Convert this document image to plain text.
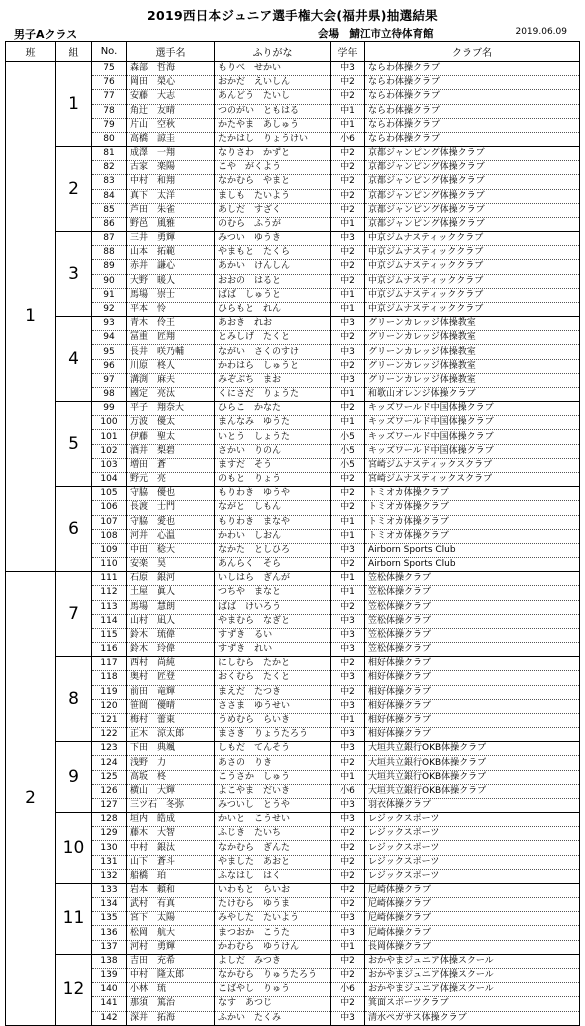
2019西日本ジュニア選手権大会(福井県)抽選結果
男子Aクラス	会場　鯖江市立待体育館	2019.06.09
班	組	No.	選手名	ふりがな	学年	クラブ名
1	1	75	森部　哲海	もりべ　せかい	中3	ならわ体操クラブ
		76	岡田　榮心	おかだ　えいしん	中2	ならわ体操クラブ
		77	安藤　大志	あんどう　たいし	中2	ならわ体操クラブ
		78	角辻　友晴	つのがい　ともはる	中1	ならわ体操クラブ
		79	片山　空秋	かたやま　あしゅう	中1	ならわ体操クラブ
		80	高橋　諒圭	たかはし　りょうけい	小6	ならわ体操クラブ
	2	81	成澤　一翔	なりさわ　かずと	中2	京都ジャンピング体操クラブ
		82	古家　楽陽	こや　がくよう	中2	京都ジャンピング体操クラブ
		83	中村　和翔	なかむら　やまと	中2	京都ジャンピング体操クラブ
		84	真下　太洋	ましも　たいよう	中2	京都ジャンピング体操クラブ
		85	芦田　朱雀	あしだ　すざく	中2	京都ジャンピング体操クラブ
		86	野邑　風雅	のむら　ふうが	中1	京都ジャンピング体操クラブ
	3	87	三井　勇輝	みつい　ゆうき	中3	中京ジムナスティッククラブ
		88	山本　拓範	やまもと　たくら	中2	中京ジムナスティッククラブ
		89	赤井　謙心	あかい　けんしん	中2	中京ジムナスティッククラブ
		90	大野　暖人	おおの　はると	中2	中京ジムナスティッククラブ
		91	馬場　崇士	ばば　しゅうと	中1	中京ジムナスティッククラブ
		92	平本　怜	ひらもと　れん	中1	中京ジムナスティッククラブ
	4	93	青木　伶王	あおき　れお	中3	グリーンカレッジ体操教室
		94	冨重　匠翔	とみしげ　たくと	中2	グリーンカレッジ体操教室
		95	長井　咲乃輔	ながい　さくのすけ	中3	グリーンカレッジ体操教室
		96	川原　柊人	かわはら　しゅうと	中2	グリーンカレッジ体操教室
		97	溝渕　麻夫	みぞぶち　まお	中3	グリーンカレッジ体操教室
		98	國定　亮汰	くにさだ　りょうた	中1	和歌山オレンジ体操クラブ
	5	99	平子　翔奈大	ひらこ　かなた	中2	キッズワールド中国体操クラブ
		100	万波　優太	まんなみ　ゆうた	中1	キッズワールド中国体操クラブ
		101	伊藤　聖太	いとう　しょうた	小5	キッズワールド中国体操クラブ
		102	酒井　梨碧	さかい　りのん	小5	キッズワールド中国体操クラブ
		103	増田　蒼	ますだ　そう	小5	宮崎ジムナスティックスクラブ
		104	野元　亮	のもと　りょう	中2	宮崎ジムナスティックスクラブ
	6	105	守脇　優也	もりわき　ゆうや	中2	トミオカ体操クラブ
		106	長渡　士門	ながと　しもん	中2	トミオカ体操クラブ
		107	守脇　愛也	もりわき　まなや	中1	トミオカ体操クラブ
		108	河井　心温	かわい　しおん	中1	トミオカ体操クラブ
		109	中田　稔大	なかた　としひろ	中3	Airborn Sports Club
		110	安楽　昊	あんらく　そら	中2	Airborn Sports Club
2	7	111	石原　銀河	いしはら　ぎんが	中1	笠松体操クラブ
		112	土屋　眞人	つちや　まなと	中1	笠松体操クラブ
		113	馬場　慧朗	ばば　けいろう	中2	笠松体操クラブ
		114	山村　凪人	やまむら　なぎと	中3	笠松体操クラブ
		115	鈴木　琉偉	すずき　るい	中3	笠松体操クラブ
		116	鈴木　玲偉	すずき　れい	中3	笠松体操クラブ
	8	117	西村　尚純	にしむら　たかと	中2	相好体操クラブ
		118	奥村　匠登	おくむら　たくと	中3	相好体操クラブ
		119	前田　竜輝	まえだ　たつき	中2	相好体操クラブ
		120	笹間　優晴	ささま　ゆうせい	中3	相好体操クラブ
		121	梅村　蕾東	うめむら　らいき	中1	相好体操クラブ
		122	正木　涼太郎	まさき　りょうたろう	中3	相好体操クラブ
	9	123	下田　典颯	しもだ　てんそう	中3	大垣共立銀行OKB体操クラブ
		124	浅野　力	あさの　りき	中2	大垣共立銀行OKB体操クラブ
		125	高坂　柊	こうさか　しゅう	中1	大垣共立銀行OKB体操クラブ
		126	横山　大輝	よこやま　だいき	小6	大垣共立銀行OKB体操クラブ
		127	三ツ石　冬弥	みついし　とうや	中3	羽衣体操クラブ
	10	128	垣内　皓成	かいと　こうせい	中3	レジックスポーツ
		129	藤木　大智	ふじき　たいち	中2	レジックスポーツ
		130	中村　銀汰	なかむら　ぎんた	中2	レジックスポーツ
		131	山下　蒼斗	やました　あおと	中2	レジックスポーツ
		132	船橋　珀	ふなはし　はく	中2	レジックスポーツ
	11	133	岩本　頼和	いわもと　らいお	中2	尼崎体操クラブ
		134	武村　有真	たけむら　ゆうま	中2	尼崎体操クラブ
		135	宮下　太陽	みやした　たいよう	中3	尼崎体操クラブ
		136	松岡　航大	まつおか　こうた	中3	尼崎体操クラブ
		137	河村　勇輝	かわむら　ゆうけん	中1	長岡体操クラブ
	12	138	吉田　充希	よしだ　みつき	中2	おかやまジュニア体操スクール
		139	中村　隆太郎	なかむら　りゅうたろう	中2	おかやまジュニア体操スクール
		140	小林　琉	こばやし　りゅう	小6	おかやまジュニア体操スクール
		141	那須　篤治	なす　あつじ	中2	箕面スポーツクラブ
		142	深井　拓海	ふかい　たくみ	中3	清水ペガサス体操クラブ
